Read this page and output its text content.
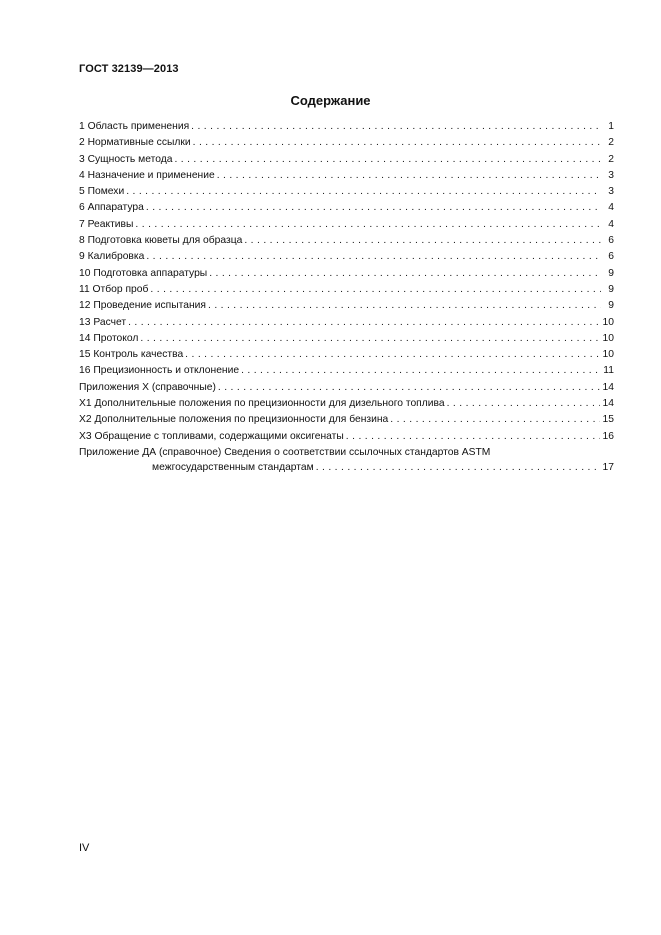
ГОСТ 32139—2013
Содержание
1 Область применения . . .	1
2 Нормативные ссылки . . .	2
3 Сущность метода . . .	2
4 Назначение и применение . . .	3
5 Помехи . . .	3
6 Аппаратура . . .	4
7 Реактивы . . .	4
8 Подготовка кюветы для образца . . .	6
9 Калибровка . . .	6
10 Подготовка аппаратуры . . .	9
11 Отбор проб . . .	9
12 Проведение испытания . . .	9
13 Расчет . . .	10
14 Протокол . . .	10
15 Контроль качества . . .	10
16 Прецизионность и отклонение . . .	11
Приложения X (справочные) . . .	14
X1 Дополнительные положения по прецизионности для дизельного топлива . . .	14
X2 Дополнительные положения по прецизионности для бензина . . .	15
X3 Обращение с топливами, содержащими оксигенаты . . .	16
Приложение ДА (справочное) Сведения о соответствии ссылочных стандартов ASTM
межгосударственным стандартам . . .	17
IV
